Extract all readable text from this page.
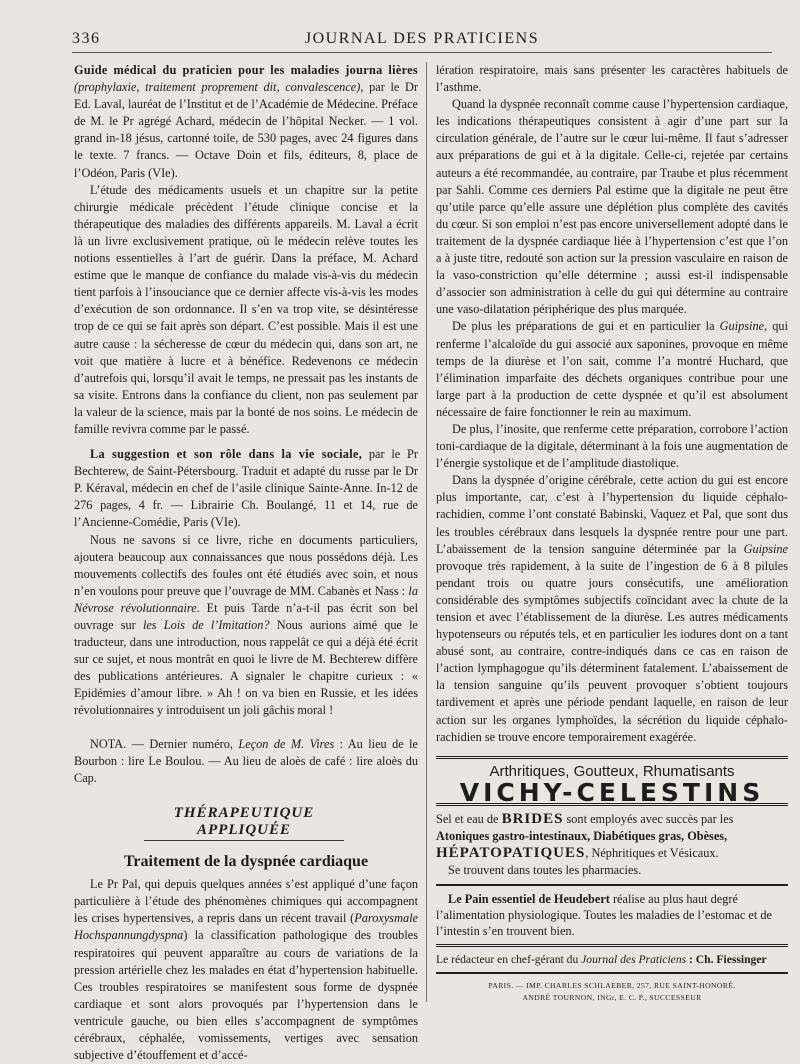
336	JOURNAL DES PRATICIENS

Guide médical du praticien pour les maladies journa lières (prophylaxie, traitement proprement dit, convalescence), par le Dr Ed. Laval, lauréat de l’Institut et de l’Académie de Médecine. Préface de M. le Pr agrégé Achard, médecin de l’hôpital Necker. — 1 vol. grand in-18 jésus, cartonné toile, de 530 pages, avec 24 figures dans le texte. 7 francs. — Octave Doin et fils, éditeurs, 8, place de l’Odéon, Paris (VIe).

L’étude des médicaments usuels et un chapitre sur la petite chirurgie médicale précèdent l’étude clinique concise et la thérapeutique des maladies des différents appareils. M. Laval a écrit là un livre exclusivement pratique, où le médecin relève toutes les notions essentielles à l’art de guérir. Dans la préface, M. Achard estime que le manque de confiance du malade vis-à-vis du médecin tient parfois à l’insouciance que ce dernier affecte vis-à-vis les modes d’exécution de son ordonnance. Il s’en va trop vite, se désintéresse trop de ce qui se fait après son départ. C’est possible. Mais il est une autre cause : la sécheresse de cœur du médecin qui, dans son art, ne voit que matière à lucre et à bénéfice. Redevenons ce médecin d’autrefois qui, lorsqu’il avait le temps, ne pressait pas les instants de sa visite. Entrons dans la confiance du client, non pas seulement par la valeur de la science, mais par la bonté de nos soins. Le médecin de famille revivra comme par le passé.

La suggestion et son rôle dans la vie sociale, par le Pr Bechterew, de Saint-Pétersbourg. Traduit et adapté du russe par le Dr P. Kéraval, médecin en chef de l’asile clinique Sainte-Anne. In-12 de 276 pages, 4 fr. — Librairie Ch. Boulangé, 11 et 14, rue de l’Ancienne-Comédie, Paris (VIe).

Nous ne savons si ce livre, riche en documents particuliers, ajoutera beaucoup aux connaissances que nous possédons déjà. Les mouvements collectifs des foules ont été étudiés avec soin, et nous n’en voulons pour preuve que l’ouvrage de MM. Cabanès et Nass : la Névrose révolutionnaire. Et puis Tarde n’a-t-il pas écrit son bel ouvrage sur les Lois de l’Imitation? Nous aurions aimé que le traducteur, dans une introduction, nous rappelât ce qui a déjà été écrit sur ce sujet, et nous montrât en quoi le livre de M. Bechterew diffère des publications antérieures. A signaler le chapitre curieux : « Epidémies d’amour libre. » Ah ! on va bien en Russie, et les idées révolutionnaires y introduisent un joli gâchis moral !

NOTA. — Dernier numéro, Leçon de M. Vires : Au lieu de le Bourbon : lire Le Boulou. — Au lieu de aloès de café : lire aloès du Cap.

THÉRAPEUTIQUE APPLIQUÉE
Traitement de la dyspnée cardiaque

Le Pr Pal, qui depuis quelques années s’est appliqué d’une façon particulière à l’étude des phénomènes chimiques qui accompagnent les crises hypertensives, a repris dans un récent travail (Paroxysmale Hochspannungdyspna) la classification pathologique des troubles respiratoires qui peuvent apparaître au cours de variations de la pression artérielle chez les malades en état d’hypertension habituelle. Ces troubles respiratoires se manifestent sous forme de dyspnée cardiaque et sont alors provoqués par l’hypertension dans le ventricule gauche, ou bien elles s’accompagnent de symptômes cérébraux, céphalée, vomissements, vertiges avec sensation subjective d’étouffement et d’accé-

lération respiratoire, mais sans présenter les caractères habituels de l’asthme.

Quand la dyspnée reconnaît comme cause l’hypertension cardiaque, les indications thérapeutiques consistent à agir d’une part sur la circulation générale, de l’autre sur le cœur lui-même. Il faut s’adresser aux préparations de gui et à la digitale. Celle-ci, rejetée par certains auteurs a été recommandée, au contraire, par Traube et plus récemment par Sahli. Comme ces derniers Pal estime que la digitale ne peut être qu’utile parce qu’elle assure une déplétion plus complète des cavités du cœur. Si son emploi n’est pas encore universellement adopté dans le traitement de la dyspnée cardiaque liée à l’hypertension c’est que l’on a à juste titre, redouté son action sur la pression vasculaire en raison de la vaso-constriction qu’elle détermine ; aussi est-il indispensable d’associer son administration à celle du gui qui détermine au contraire une vaso-dilatation périphérique des plus marquée.

De plus les préparations de gui et en particulier la Guipsine, qui renferme l’alcaloïde du gui associé aux saponines, provoque en même temps de la diurèse et l’on sait, comme l’a montré Huchard, que l’élimination imparfaite des déchets organiques contribue pour une large part à la production de cette dyspnée et qu’il est absolument nécessaire de faire fonctionner le rein au maximum.

De plus, l’inosite, que renferme cette préparation, corrobore l’action toni-cardiaque de la digitale, déterminant à la fois une augmentation de l’énergie systolique et de l’amplitude diastolique.

Dans la dyspnée d’origine cérébrale, cette action du gui est encore plus importante, car, c’est à l’hypertension du liquide céphalo-rachidien, comme l’ont constaté Babinski, Vaquez et Pal, que sont dus les troubles cérébraux dans lesquels la dyspnée rentre pour une part. L’abaissement de la tension sanguine déterminée par la Guipsine provoque très rapidement, à la suite de l’ingestion de 6 à 8 pilules pendant trois ou quatre jours consécutifs, une amélioration considérable des symptômes subjectifs coïncidant avec la chute de la tension et avec l’établissement de la diurèse. Les autres médicaments hypotenseurs ou réputés tels, et en particulier les iodures dont on a tant abusé sont, au contraire, contre-indiqués dans ce cas en raison de l’action lymphagogue qu’ils déterminent fatalement. L’abaissement de la tension sanguine qu’ils peuvent provoquer s’obtient toujours tardivement et après une période pendant laquelle, en raison de leur action sur les organes lymphoïdes, la sécrétion du liquide céphalo-rachidien se trouve encore temporairement exagérée.

Arthritiques, Goutteux, Rhumatisants
VICHY-CELESTINS
Sel et eau de BRIDES sont employés avec succès par les Atoniques gastro-intestinaux, Diabétiques gras, Obèses,
HÉPATOPATIQUES, Néphritiques et Vésicaux.
Se trouvent dans toutes les pharmacies.
Le Pain essentiel de Heudebert réalise au plus haut degré l’alimentation physiologique. Toutes les maladies de l’estomac et de l’intestin s’en trouvent bien.
Le rédacteur en chef-gérant du Journal des Praticiens : Ch. Fiessinger
PARIS. — IMP. CHARLES SCHLAEBER, 257, RUE SAINT-HONORÉ.
ANDRÉ TOURNON, INGr, E. C. P., SUCCESSEUR
